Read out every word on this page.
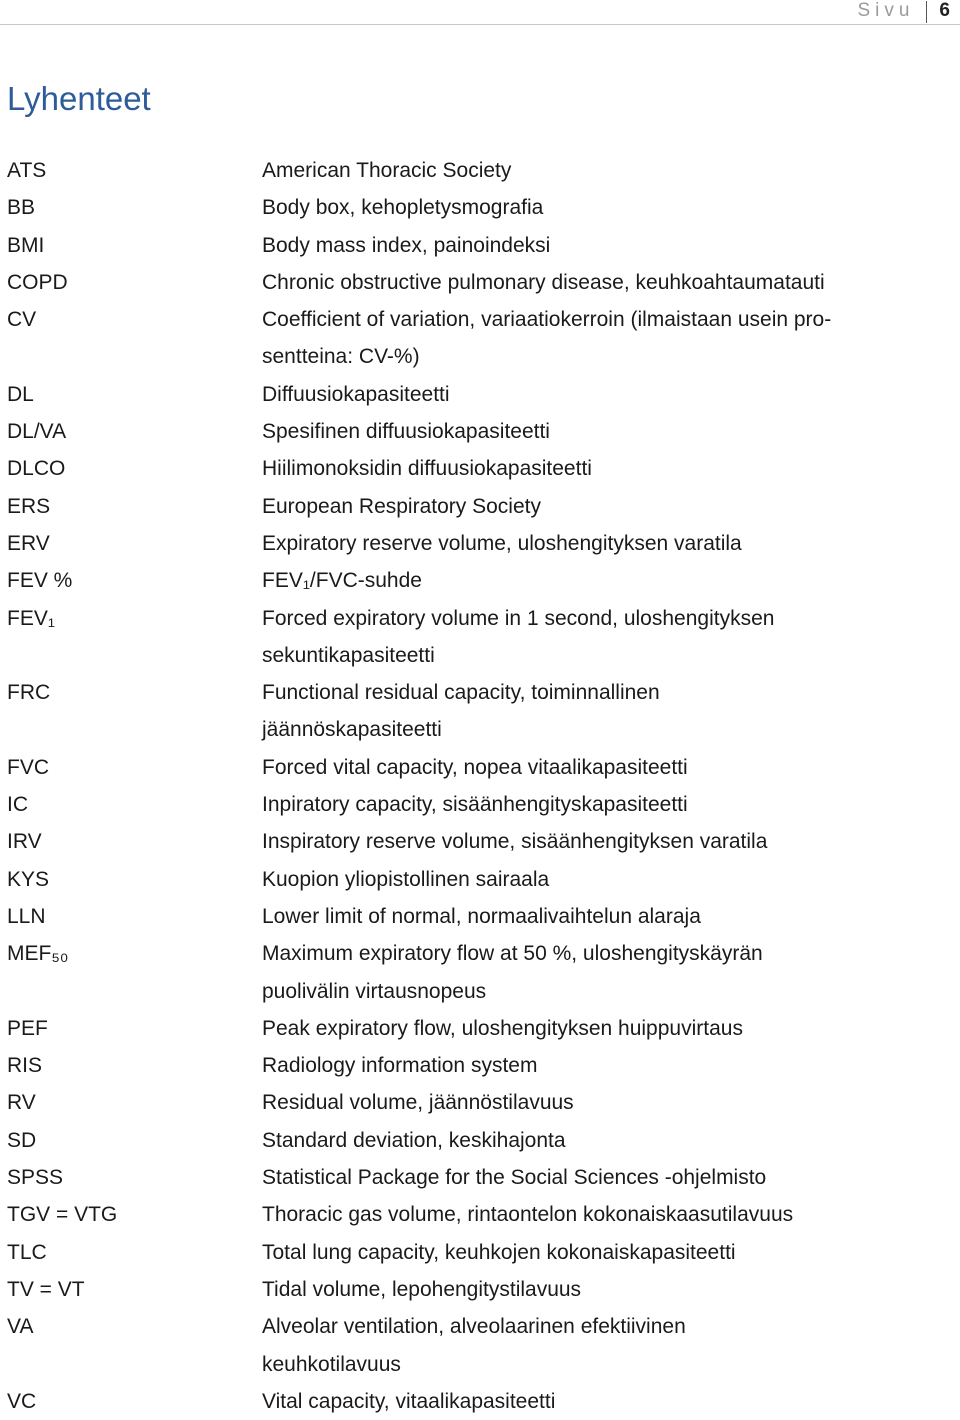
Sivu	6
Lyhenteet
ATS	American Thoracic Society
BB	Body box, kehopletysmografia
BMI	Body mass index, painoindeksi
COPD	Chronic obstructive pulmonary disease, keuhkoahtaumatauti
CV	Coefficient of variation, variaatiokerroin (ilmaistaan usein pro-
sentteina: CV-%)
DL	Diffuusiokapasiteetti
DL/VA	Spesifinen diffuusiokapasiteetti
DLCO	Hiilimonoksidin diffuusiokapasiteetti
ERS	European Respiratory Society
ERV	Expiratory reserve volume, uloshengityksen varatila
FEV %	FEV₁/FVC-suhde
FEV₁	Forced expiratory volume in 1 second, uloshengityksen
sekuntikapasiteetti
FRC	Functional residual capacity, toiminnallinen
jäännöskapasiteetti
FVC	Forced vital capacity, nopea vitaalikapasiteetti
IC	Inpiratory capacity, sisäänhengityskapasiteetti
IRV	Inspiratory reserve volume, sisäänhengityksen varatila
KYS	Kuopion yliopistollinen sairaala
LLN	Lower limit of normal, normaalivaihtelun alaraja
MEF₅₀	Maximum expiratory flow at 50 %, uloshengityskäyrän
puolivälin virtausnopeus
PEF	Peak expiratory flow, uloshengityksen huippuvirtaus
RIS	Radiology information system
RV	Residual volume, jäännöstilavuus
SD	Standard deviation, keskihajonta
SPSS	Statistical Package for the Social Sciences -ohjelmisto
TGV = VTG	Thoracic gas volume, rintaontelon kokonaiskaasutilavuus
TLC	Total lung capacity, keuhkojen kokonaiskapasiteetti
TV = VT	Tidal volume, lepohengitystilavuus
VA	Alveolar ventilation, alveolaarinen efektiivinen
keuhkotilavuus
VC	Vital capacity, vitaalikapasiteetti
